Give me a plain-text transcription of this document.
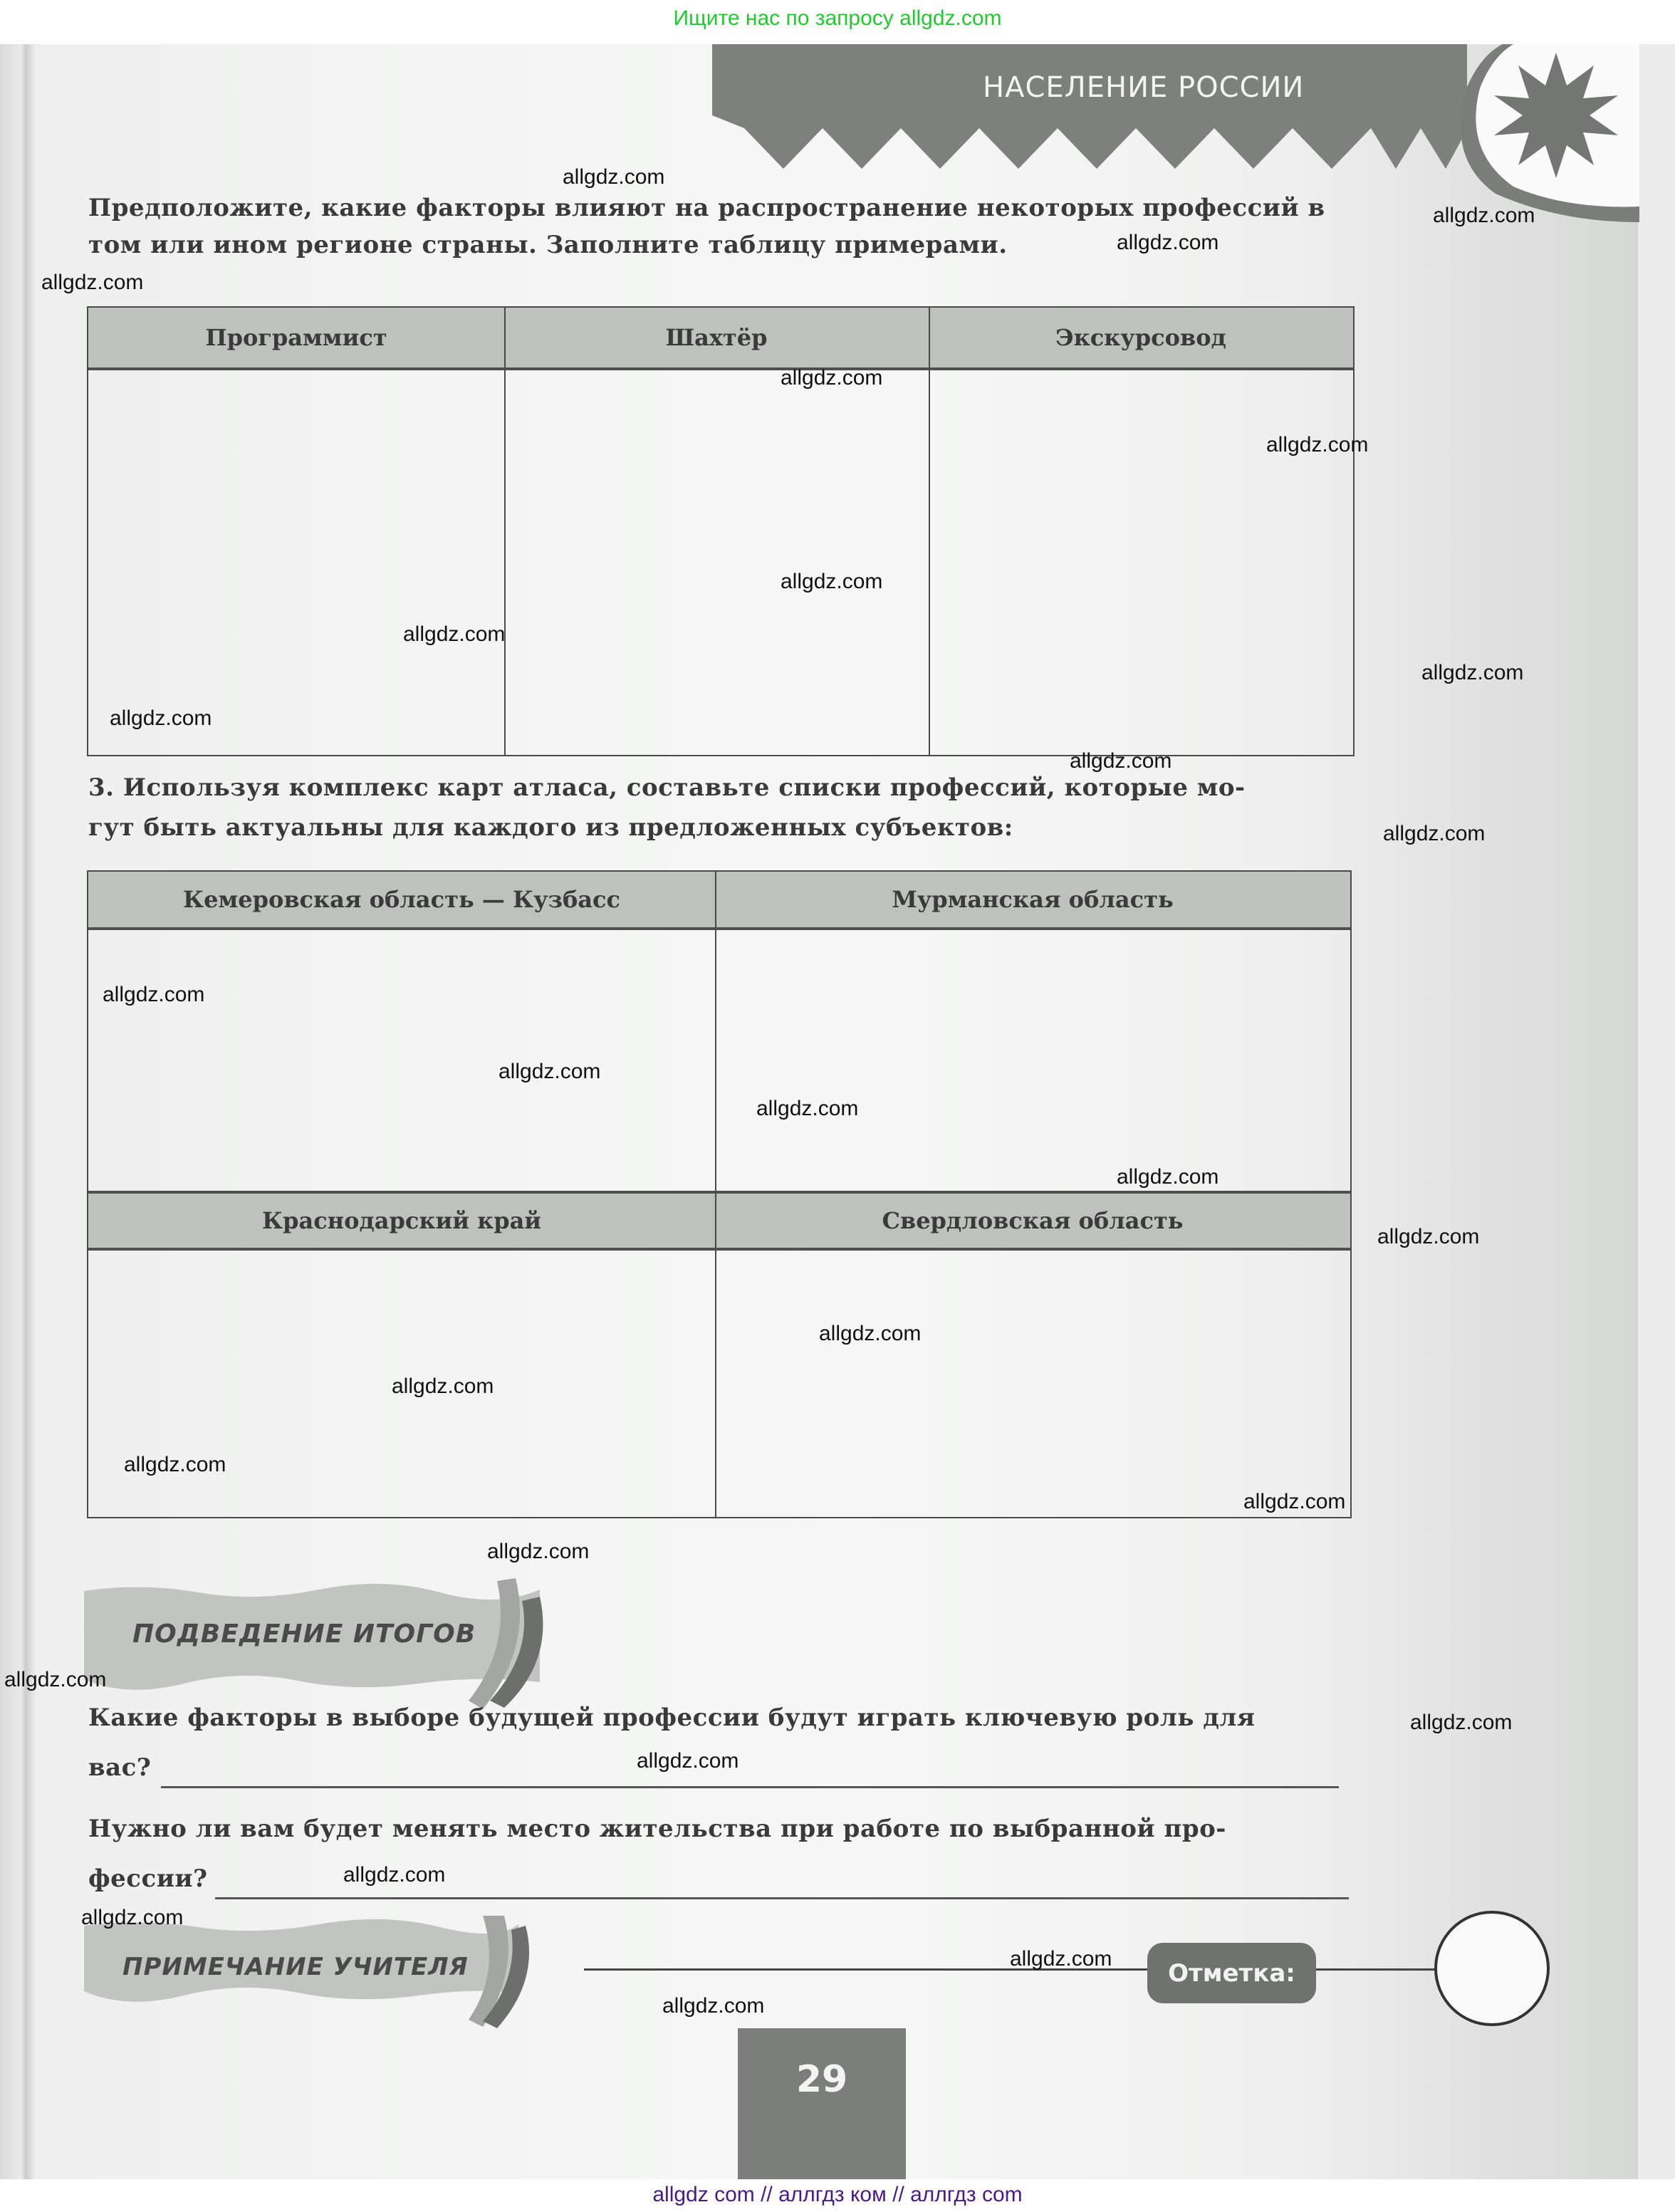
Ищите нас по запросу allgdz.com
НАСЕЛЕНИЕ РОССИИ
Предположите, какие факторы влияют на распространение некоторых профессий в
том или ином регионе страны. Заполните таблицу примерами.
Программист	Шахтёр	Экскурсовод
3. Используя комплекс карт атласа, составьте списки профессий, которые мо-
гут быть актуальны для каждого из предложенных субъектов:
Кемеровская область — Кузбасс	Мурманская область
Краснодарский край	Свердловская область
ПОДВЕДЕНИЕ ИТОГОВ
Какие факторы в выборе будущей профессии будут играть ключевую роль для
вас?
Нужно ли вам будет менять место жительства при работе по выбранной про-
фессии?
ПРИМЕЧАНИЕ УЧИТЕЛЯ	Отметка:
29
allgdz.com
allgdz.com
allgdz.com
allgdz.com
allgdz.com
allgdz.com
allgdz.com
allgdz.com
allgdz.com
allgdz.com
allgdz.com
allgdz.com
allgdz.com
allgdz.com
allgdz.com
allgdz.com
allgdz.com
allgdz.com
allgdz.com
allgdz.com
allgdz.com
allgdz.com
allgdz.com
allgdz.com
allgdz.com
allgdz.com
allgdz.com
allgdz.com
allgdz.com
allgdz com // аллгдз ком // аллгдз com
